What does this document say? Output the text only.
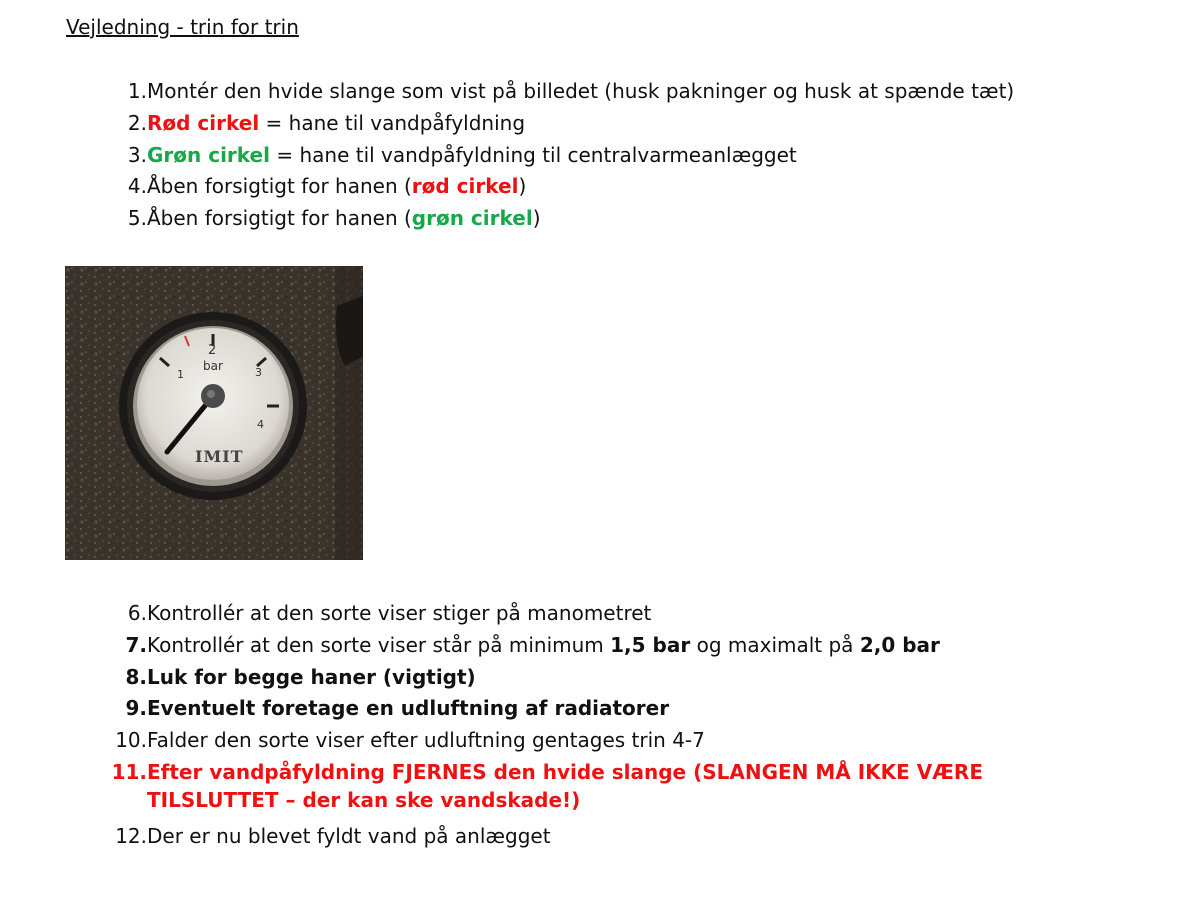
Vejledning - trin for trin
1.Montér den hvide slange som vist på billedet (husk pakninger og husk at spænde tæt)
2.Rød cirkel = hane til vandpåfyldning
3.Grøn cirkel = hane til vandpåfyldning til centralvarmeanlægget
4.Åben forsigtigt for hanen (rød cirkel)
5.Åben forsigtigt for hanen (grøn cirkel)
1
2
3
4
bar
IMIT
6.Kontrollér at den sorte viser stiger på manometret
7.Kontrollér at den sorte viser står på minimum 1,5 bar og maximalt på 2,0 bar
8.Luk for begge haner (vigtigt)
9.Eventuelt foretage en udluftning af radiatorer
10.Falder den sorte viser efter udluftning gentages trin 4-7
11. Efter vandpåfyldning FJERNES den hvide slange (SLANGEN MÅ IKKE VÆRE
TILSLUTTET – der kan ske vandskade!)
12.Der er nu blevet fyldt vand på anlægget
